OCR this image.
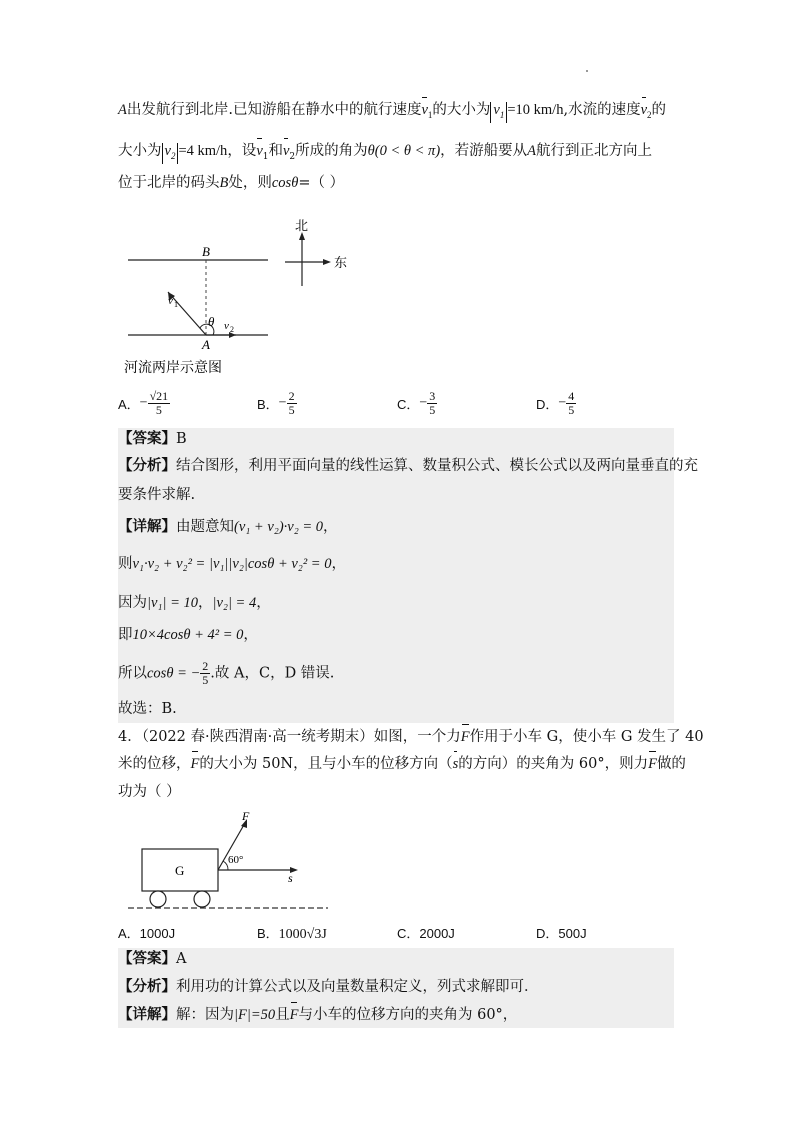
A出发航行到北岸.已知游船在静水中的航行速度$v_1$的大小为 $v_1 =10$ km/h,水流的速度$v_2$的
大小为 $v_2 =4$ km/h，设$v_1$和$v_2$所成的角为θ(0 < θ < π)，若游船要从A航行到正北方向上
位于北岸的码头B处，则cosθ=（ ）
B
A
θ
v 1
v 2
河流两岸示意图
北
东
A．− $\frac{√21}{5}$	B．− $\frac{2}{5}$	C．− $\frac{3}{5}$	D．− $\frac{4}{5}$
【答案】B
【分析】结合图形，利用平面向量的线性运算、数量积公式、模长公式以及两向量垂直的充
要条件求解.
【详解】由题意知(v₁ + v₂)·v₂ = 0，
则v₁·v₂ + v₂² = |v₁||v₂|cosθ + v₂² = 0，
因为|v₁| = 10，|v₂| = 4，
即10×4cosθ + 4² = 0，
所以cosθ = − $\frac{2}{5}$ .故 A，C，D 错误.
故选：B.
4．（2022 春·陕西渭南·高一统考期末）如图，一个力F作用于小车 G，使小车 G 发生了 40
米的位移，F的大小为 50N，且与小车的位移方向（s的方向）的夹角为 60°，则力F做的
功为（ ）
G
F
60°
s
A．1000J	B．1000√3J	C．2000J	D．500J
【答案】A
【分析】利用功的计算公式以及向量数量积定义，列式求解即可．
【详解】解：因为|F|=50且F与小车的位移方向的夹角为 60°，
